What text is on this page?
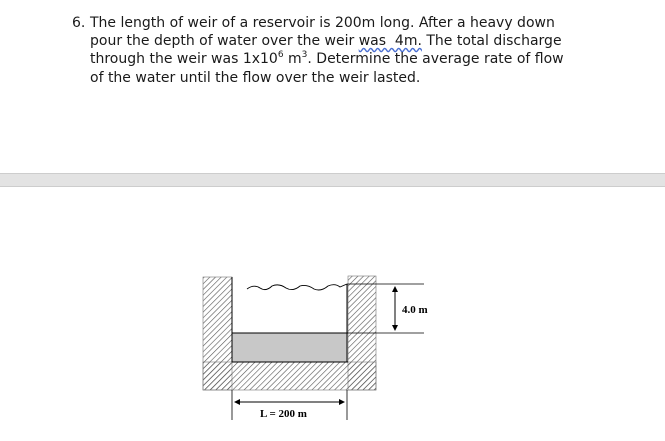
6. The length of weir of a reservoir is 200m long. After a heavy down
pour the depth of water over the weir was  4m. The total discharge
through the weir was $1x10^6$ $m^3$. Determine the average rate of flow
of the water until the flow over the weir lasted.
4.0 m
L = 200 m
